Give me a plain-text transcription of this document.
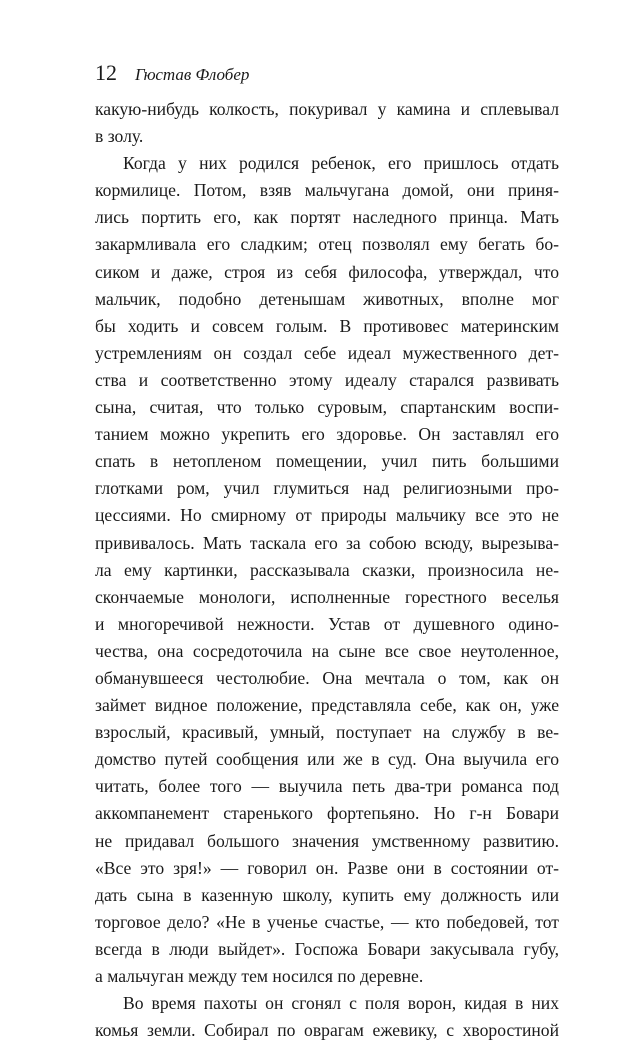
12 Гюстав Флобер
какую-нибудь колкость, покуривал у камина и сплевывал
в золу.
Когда у них родился ребенок, его пришлось отдать
кормилице. Потом, взяв мальчугана домой, они приня-
лись портить его, как портят наследного принца. Мать
закармливала его сладким; отец позволял ему бегать бо-
сиком и даже, строя из себя философа, утверждал, что
мальчик, подобно детенышам животных, вполне мог
бы ходить и совсем голым. В противовес материнским
устремлениям он создал себе идеал мужественного дет-
ства и соответственно этому идеалу старался развивать
сына, считая, что только суровым, спартанским воспи-
танием можно укрепить его здоровье. Он заставлял его
спать в нетопленом помещении, учил пить большими
глотками ром, учил глумиться над религиозными про-
цессиями. Но смирному от природы мальчику все это не
прививалось. Мать таскала его за собою всюду, вырезыва-
ла ему картинки, рассказывала сказки, произносила не-
скончаемые монологи, исполненные горестного веселья
и многоречивой нежности. Устав от душевного одино-
чества, она сосредоточила на сыне все свое неутоленное,
обманувшееся честолюбие. Она мечтала о том, как он
займет видное положение, представляла себе, как он, уже
взрослый, красивый, умный, поступает на службу в ве-
домство путей сообщения или же в суд. Она выучила его
читать, более того — выучила петь два-три романса под
аккомпанемент старенького фортепьяно. Но г-н Бовари
не придавал большого значения умственному развитию.
«Все это зря!» — говорил он. Разве они в состоянии от-
дать сына в казенную школу, купить ему должность или
торговое дело? «Не в ученье счастье, — кто победовей, тот
всегда в люди выйдет». Госпожа Бовари закусывала губу,
а мальчуган между тем носился по деревне.
Во время пахоты он сгонял с поля ворон, кидая в них
комья земли. Собирал по оврагам ежевику, с хворостиной
